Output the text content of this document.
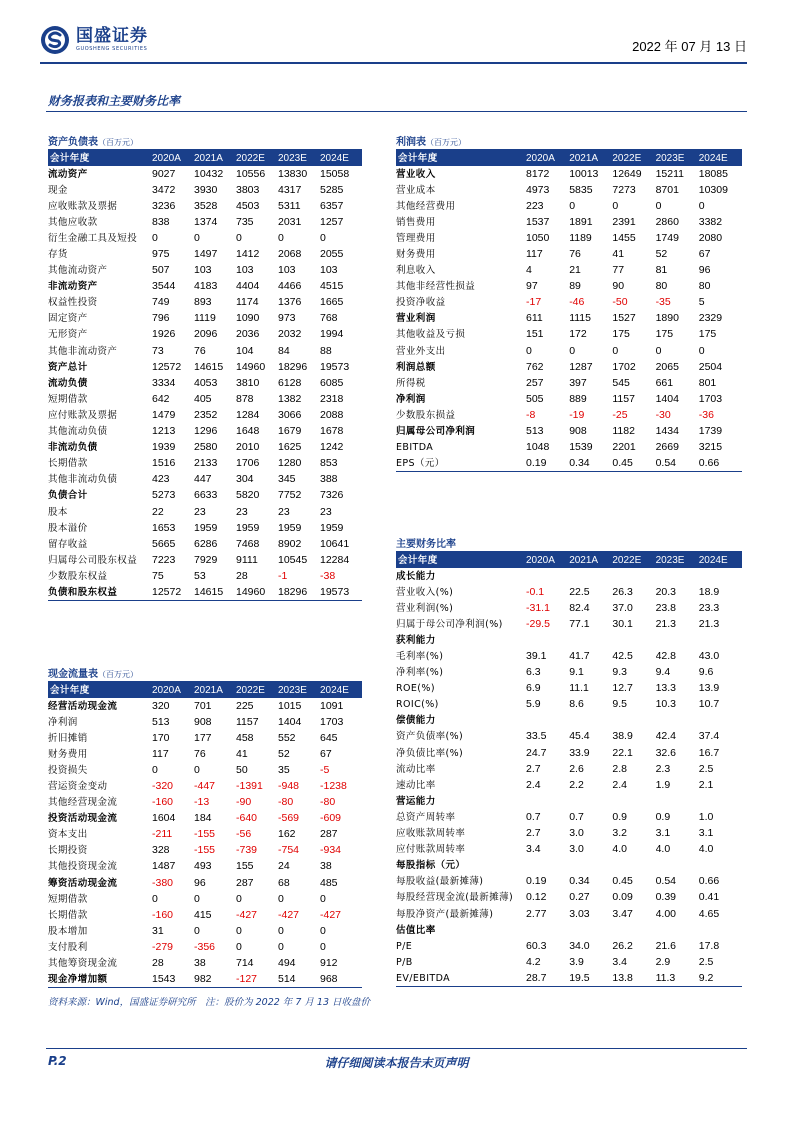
国盛证券
GUOSHENG SECURITIES	2022 年 07 月 13 日
财务报表和主要财务比率
资产负债表（百万元）
会计年度	2020A	2021A	2022E	2023E	2024E
流动资产	9027	10432	10556	13830	15058
现金	3472	3930	3803	4317	5285
应收账款及票据	3236	3528	4503	5311	6357
其他应收款	838	1374	735	2031	1257
衍生金融工具及短投	0	0	0	0	0
存货	975	1497	1412	2068	2055
其他流动资产	507	103	103	103	103
非流动资产	3544	4183	4404	4466	4515
权益性投资	749	893	1174	1376	1665
固定资产	796	1119	1090	973	768
无形资产	1926	2096	2036	2032	1994
其他非流动资产	73	76	104	84	88
资产总计	12572	14615	14960	18296	19573
流动负债	3334	4053	3810	6128	6085
短期借款	642	405	878	1382	2318
应付账款及票据	1479	2352	1284	3066	2088
其他流动负债	1213	1296	1648	1679	1678
非流动负债	1939	2580	2010	1625	1242
长期借款	1516	2133	1706	1280	853
其他非流动负债	423	447	304	345	388
负债合计	5273	6633	5820	7752	7326
股本	22	23	23	23	23
股本溢价	1653	1959	1959	1959	1959
留存收益	5665	6286	7468	8902	10641
归属母公司股东权益	7223	7929	9111	10545	12284
少数股东权益	75	53	28	-1	-38
负债和股东权益	12572	14615	14960	18296	19573
利润表（百万元）
会计年度	2020A	2021A	2022E	2023E	2024E
营业收入	8172	10013	12649	15211	18085
营业成本	4973	5835	7273	8701	10309
其他经营费用	223	0	0	0	0
销售费用	1537	1891	2391	2860	3382
管理费用	1050	1189	1455	1749	2080
财务费用	117	76	41	52	67
利息收入	4	21	77	81	96
其他非经营性损益	97	89	90	80	80
投资净收益	-17	-46	-50	-35	5
营业利润	611	1115	1527	1890	2329
其他收益及亏损	151	172	175	175	175
营业外支出	0	0	0	0	0
利润总额	762	1287	1702	2065	2504
所得税	257	397	545	661	801
净利润	505	889	1157	1404	1703
少数股东损益	-8	-19	-25	-30	-36
归属母公司净利润	513	908	1182	1434	1739
EBITDA	1048	1539	2201	2669	3215
EPS（元）	0.19	0.34	0.45	0.54	0.66
主要财务比率
会计年度	2020A	2021A	2022E	2023E	2024E
成长能力					
营业收入(%)	-0.1	22.5	26.3	20.3	18.9
营业利润(%)	-31.1	82.4	37.0	23.8	23.3
归属于母公司净利润(%)	-29.5	77.1	30.1	21.3	21.3
获利能力					
毛利率(%)	39.1	41.7	42.5	42.8	43.0
净利率(%)	6.3	9.1	9.3	9.4	9.6
ROE(%)	6.9	11.1	12.7	13.3	13.9
ROIC(%)	5.9	8.6	9.5	10.3	10.7
偿债能力					
资产负债率(%)	33.5	45.4	38.9	42.4	37.4
净负债比率(%)	24.7	33.9	22.1	32.6	16.7
流动比率	2.7	2.6	2.8	2.3	2.5
速动比率	2.4	2.2	2.4	1.9	2.1
营运能力					
总资产周转率	0.7	0.7	0.9	0.9	1.0
应收账款周转率	2.7	3.0	3.2	3.1	3.1
应付账款周转率	3.4	3.0	4.0	4.0	4.0
每股指标（元）					
每股收益(最新摊薄)	0.19	0.34	0.45	0.54	0.66
每股经营现金流(最新摊薄)	0.12	0.27	0.09	0.39	0.41
每股净资产(最新摊薄)	2.77	3.03	3.47	4.00	4.65
估值比率					
P/E	60.3	34.0	26.2	21.6	17.8
P/B	4.2	3.9	3.4	2.9	2.5
EV/EBITDA	28.7	19.5	13.8	11.3	9.2
现金流量表（百万元）
会计年度	2020A	2021A	2022E	2023E	2024E
经营活动现金流	320	701	225	1015	1091
净利润	513	908	1157	1404	1703
折旧摊销	170	177	458	552	645
财务费用	117	76	41	52	67
投资损失	0	0	50	35	-5
营运资金变动	-320	-447	-1391	-948	-1238
其他经营现金流	-160	-13	-90	-80	-80
投资活动现金流	1604	184	-640	-569	-609
资本支出	-211	-155	-56	162	287
长期投资	328	-155	-739	-754	-934
其他投资现金流	1487	493	155	24	38
筹资活动现金流	-380	96	287	68	485
短期借款	0	0	0	0	0
长期借款	-160	415	-427	-427	-427
股本增加	31	0	0	0	0
支付股利	-279	-356	0	0	0
其他筹资现金流	28	38	714	494	912
现金净增加额	1543	982	-127	514	968
资料来源：Wind，国盛证券研究所　注：股价为 2022 年 7 月 13 日收盘价
P.2	请仔细阅读本报告末页声明
